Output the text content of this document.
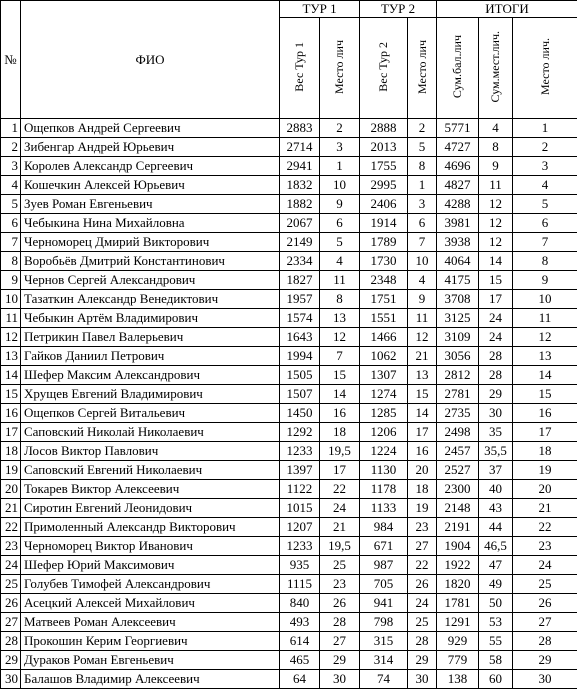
№	ФИО	ТУР 1		ТУР 2		ИТОГИ		
		Вес Тур 1	Место лич	Вес Тур 2	Место лич	Сум.бал.лич	Сум.мест.лич.	Место лич.
1	Ощепков Андрей Сергеевич	2883	2	2888	2	5771	4	1
2	Зибенгар Андрей Юрьевич	2714	3	2013	5	4727	8	2
3	Королев Александр Сергеевич	2941	1	1755	8	4696	9	3
4	Кошечкин Алексей Юрьевич	1832	10	2995	1	4827	11	4
5	Зуев Роман Евгеньевич	1882	9	2406	3	4288	12	5
6	Чебыкина Нина Михайловна	2067	6	1914	6	3981	12	6
7	Черноморец Дмирий Викторович	2149	5	1789	7	3938	12	7
8	Воробьёв Дмитрий Константинович	2334	4	1730	10	4064	14	8
9	Чернов Сергей Александрович	1827	11	2348	4	4175	15	9
10	Тазаткин Александр Венедиктович	1957	8	1751	9	3708	17	10
11	Чебыкин Артём Владимирович	1574	13	1551	11	3125	24	11
12	Петрикин Павел Валерьевич	1643	12	1466	12	3109	24	12
13	Гайков Даниил Петрович	1994	7	1062	21	3056	28	13
14	Шефер Максим Александрович	1505	15	1307	13	2812	28	14
15	Хрущев Евгений Владимирович	1507	14	1274	15	2781	29	15
16	Ощепков Сергей Витальевич	1450	16	1285	14	2735	30	16
17	Саповский Николай Николаевич	1292	18	1206	17	2498	35	17
18	Лосов Виктор Павлович	1233	19,5	1224	16	2457	35,5	18
19	Саповский Евгений Николаевич	1397	17	1130	20	2527	37	19
20	Токарев Виктор Алексеевич	1122	22	1178	18	2300	40	20
21	Сиротин Евгений Леонидович	1015	24	1133	19	2148	43	21
22	Примоленный Александр Викторович	1207	21	984	23	2191	44	22
23	Черноморец Виктор Иванович	1233	19,5	671	27	1904	46,5	23
24	Шефер Юрий Максимович	935	25	987	22	1922	47	24
25	Голубев Тимофей Александрович	1115	23	705	26	1820	49	25
26	Асецкий Алексей Михайлович	840	26	941	24	1781	50	26
27	Матвеев Роман Алексеевич	493	28	798	25	1291	53	27
28	Прокошин Керим Георгиевич	614	27	315	28	929	55	28
29	Дураков Роман Евгеньевич	465	29	314	29	779	58	29
30	Балашов Владимир Алексеевич	64	30	74	30	138	60	30
